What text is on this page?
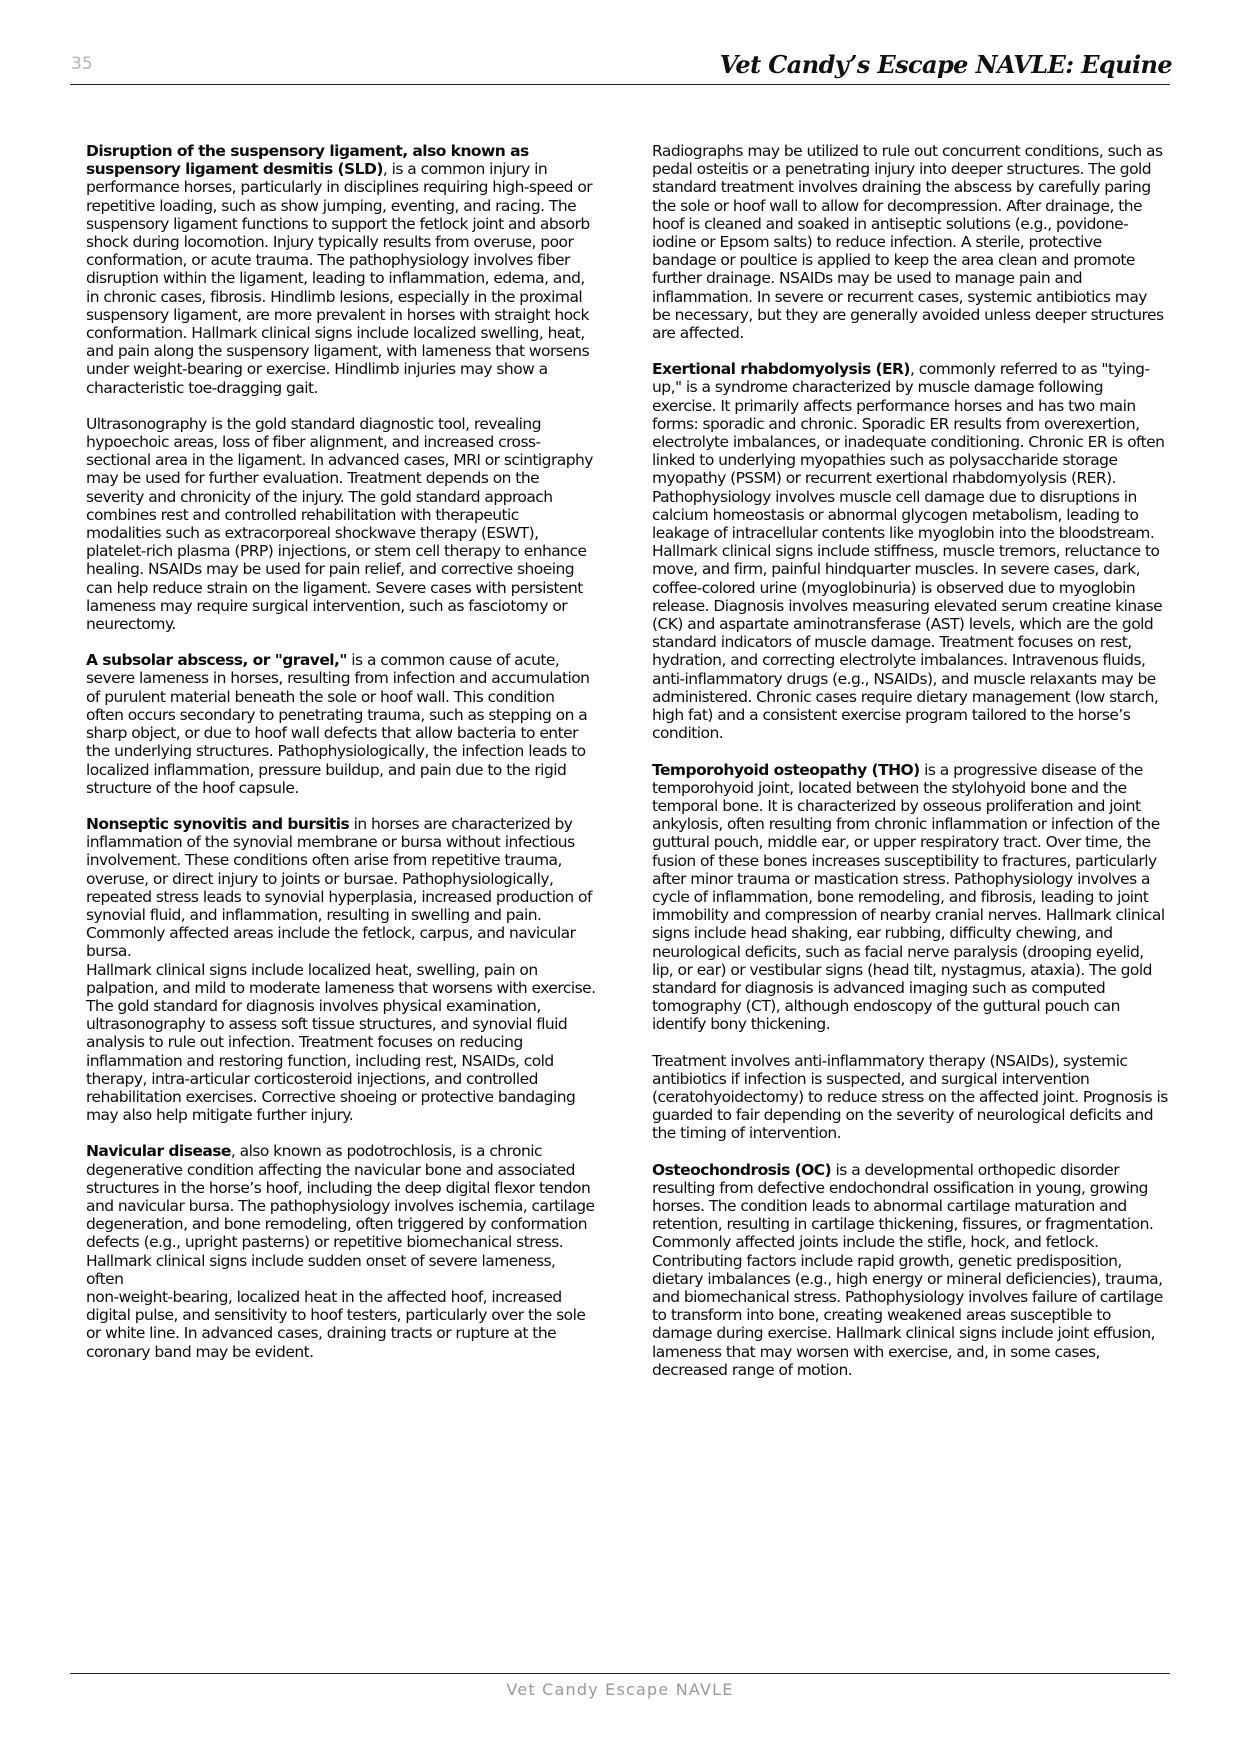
35	Vet Candy’s Escape NAVLE: Equine

Disruption of the suspensory ligament, also known as suspensory ligament desmitis (SLD), is a common injury in performance horses, particularly in disciplines requiring high-speed or repetitive loading, such as show jumping, eventing, and racing. The suspensory ligament functions to support the fetlock joint and absorb shock during locomotion. Injury typically results from overuse, poor conformation, or acute trauma. The pathophysiology involves fiber disruption within the ligament, leading to inflammation, edema, and, in chronic cases, fibrosis. Hindlimb lesions, especially in the proximal suspensory ligament, are more prevalent in horses with straight hock conformation. Hallmark clinical signs include localized swelling, heat, and pain along the suspensory ligament, with lameness that worsens under weight-bearing or exercise. Hindlimb injuries may show a characteristic toe-dragging gait.

Ultrasonography is the gold standard diagnostic tool, revealing hypoechoic areas, loss of fiber alignment, and increased cross-sectional area in the ligament. In advanced cases, MRI or scintigraphy may be used for further evaluation. Treatment depends on the severity and chronicity of the injury. The gold standard approach combines rest and controlled rehabilitation with therapeutic modalities such as extracorporeal shockwave therapy (ESWT), platelet-rich plasma (PRP) injections, or stem cell therapy to enhance healing. NSAIDs may be used for pain relief, and corrective shoeing can help reduce strain on the ligament. Severe cases with persistent lameness may require surgical intervention, such as fasciotomy or neurectomy.

A subsolar abscess, or "gravel," is a common cause of acute, severe lameness in horses, resulting from infection and accumulation of purulent material beneath the sole or hoof wall. This condition often occurs secondary to penetrating trauma, such as stepping on a sharp object, or due to hoof wall defects that allow bacteria to enter the underlying structures. Pathophysiologically, the infection leads to localized inflammation, pressure buildup, and pain due to the rigid structure of the hoof capsule.

Nonseptic synovitis and bursitis in horses are characterized by inflammation of the synovial membrane or bursa without infectious involvement. These conditions often arise from repetitive trauma, overuse, or direct injury to joints or bursae. Pathophysiologically, repeated stress leads to synovial hyperplasia, increased production of synovial fluid, and inflammation, resulting in swelling and pain. Commonly affected areas include the fetlock, carpus, and navicular bursa.
Hallmark clinical signs include localized heat, swelling, pain on palpation, and mild to moderate lameness that worsens with exercise. The gold standard for diagnosis involves physical examination, ultrasonography to assess soft tissue structures, and synovial fluid analysis to rule out infection. Treatment focuses on reducing inflammation and restoring function, including rest, NSAIDs, cold therapy, intra-articular corticosteroid injections, and controlled rehabilitation exercises. Corrective shoeing or protective bandaging may also help mitigate further injury.

Navicular disease, also known as podotrochlosis, is a chronic degenerative condition affecting the navicular bone and associated structures in the horse’s hoof, including the deep digital flexor tendon and navicular bursa. The pathophysiology involves ischemia, cartilage degeneration, and bone remodeling, often triggered by conformation defects (e.g., upright pasterns) or repetitive biomechanical stress. Hallmark clinical signs include sudden onset of severe lameness, often
non-weight-bearing, localized heat in the affected hoof, increased digital pulse, and sensitivity to hoof testers, particularly over the sole or white line. In advanced cases, draining tracts or rupture at the coronary band may be evident.

Radiographs may be utilized to rule out concurrent conditions, such as pedal osteitis or a penetrating injury into deeper structures. The gold standard treatment involves draining the abscess by carefully paring the sole or hoof wall to allow for decompression. After drainage, the hoof is cleaned and soaked in antiseptic solutions (e.g., povidone-iodine or Epsom salts) to reduce infection. A sterile, protective bandage or poultice is applied to keep the area clean and promote further drainage. NSAIDs may be used to manage pain and inflammation. In severe or recurrent cases, systemic antibiotics may be necessary, but they are generally avoided unless deeper structures are affected.

Exertional rhabdomyolysis (ER), commonly referred to as "tying-up," is a syndrome characterized by muscle damage following exercise. It primarily affects performance horses and has two main forms: sporadic and chronic. Sporadic ER results from overexertion, electrolyte imbalances, or inadequate conditioning. Chronic ER is often linked to underlying myopathies such as polysaccharide storage myopathy (PSSM) or recurrent exertional rhabdomyolysis (RER).
Pathophysiology involves muscle cell damage due to disruptions in calcium homeostasis or abnormal glycogen metabolism, leading to leakage of intracellular contents like myoglobin into the bloodstream. Hallmark clinical signs include stiffness, muscle tremors, reluctance to move, and firm, painful hindquarter muscles. In severe cases, dark, coffee-colored urine (myoglobinuria) is observed due to myoglobin release. Diagnosis involves measuring elevated serum creatine kinase (CK) and aspartate aminotransferase (AST) levels, which are the gold standard indicators of muscle damage. Treatment focuses on rest, hydration, and correcting electrolyte imbalances. Intravenous fluids, anti-inflammatory drugs (e.g., NSAIDs), and muscle relaxants may be administered. Chronic cases require dietary management (low starch, high fat) and a consistent exercise program tailored to the horse’s condition.

Temporohyoid osteopathy (THO) is a progressive disease of the temporohyoid joint, located between the stylohyoid bone and the temporal bone. It is characterized by osseous proliferation and joint ankylosis, often resulting from chronic inflammation or infection of the guttural pouch, middle ear, or upper respiratory tract. Over time, the fusion of these bones increases susceptibility to fractures, particularly after minor trauma or mastication stress. Pathophysiology involves a cycle of inflammation, bone remodeling, and fibrosis, leading to joint immobility and compression of nearby cranial nerves. Hallmark clinical signs include head shaking, ear rubbing, difficulty chewing, and neurological deficits, such as facial nerve paralysis (drooping eyelid, lip, or ear) or vestibular signs (head tilt, nystagmus, ataxia). The gold standard for diagnosis is advanced imaging such as computed tomography (CT), although endoscopy of the guttural pouch can identify bony thickening.

Treatment involves anti-inflammatory therapy (NSAIDs), systemic antibiotics if infection is suspected, and surgical intervention (ceratohyoidectomy) to reduce stress on the affected joint. Prognosis is guarded to fair depending on the severity of neurological deficits and the timing of intervention.

Osteochondrosis (OC) is a developmental orthopedic disorder resulting from defective endochondral ossification in young, growing horses. The condition leads to abnormal cartilage maturation and retention, resulting in cartilage thickening, fissures, or fragmentation. Commonly affected joints include the stifle, hock, and fetlock. Contributing factors include rapid growth, genetic predisposition, dietary imbalances (e.g., high energy or mineral deficiencies), trauma, and biomechanical stress. Pathophysiology involves failure of cartilage to transform into bone, creating weakened areas susceptible to damage during exercise. Hallmark clinical signs include joint effusion, lameness that may worsen with exercise, and, in some cases, decreased range of motion.

Vet Candy Escape NAVLE
